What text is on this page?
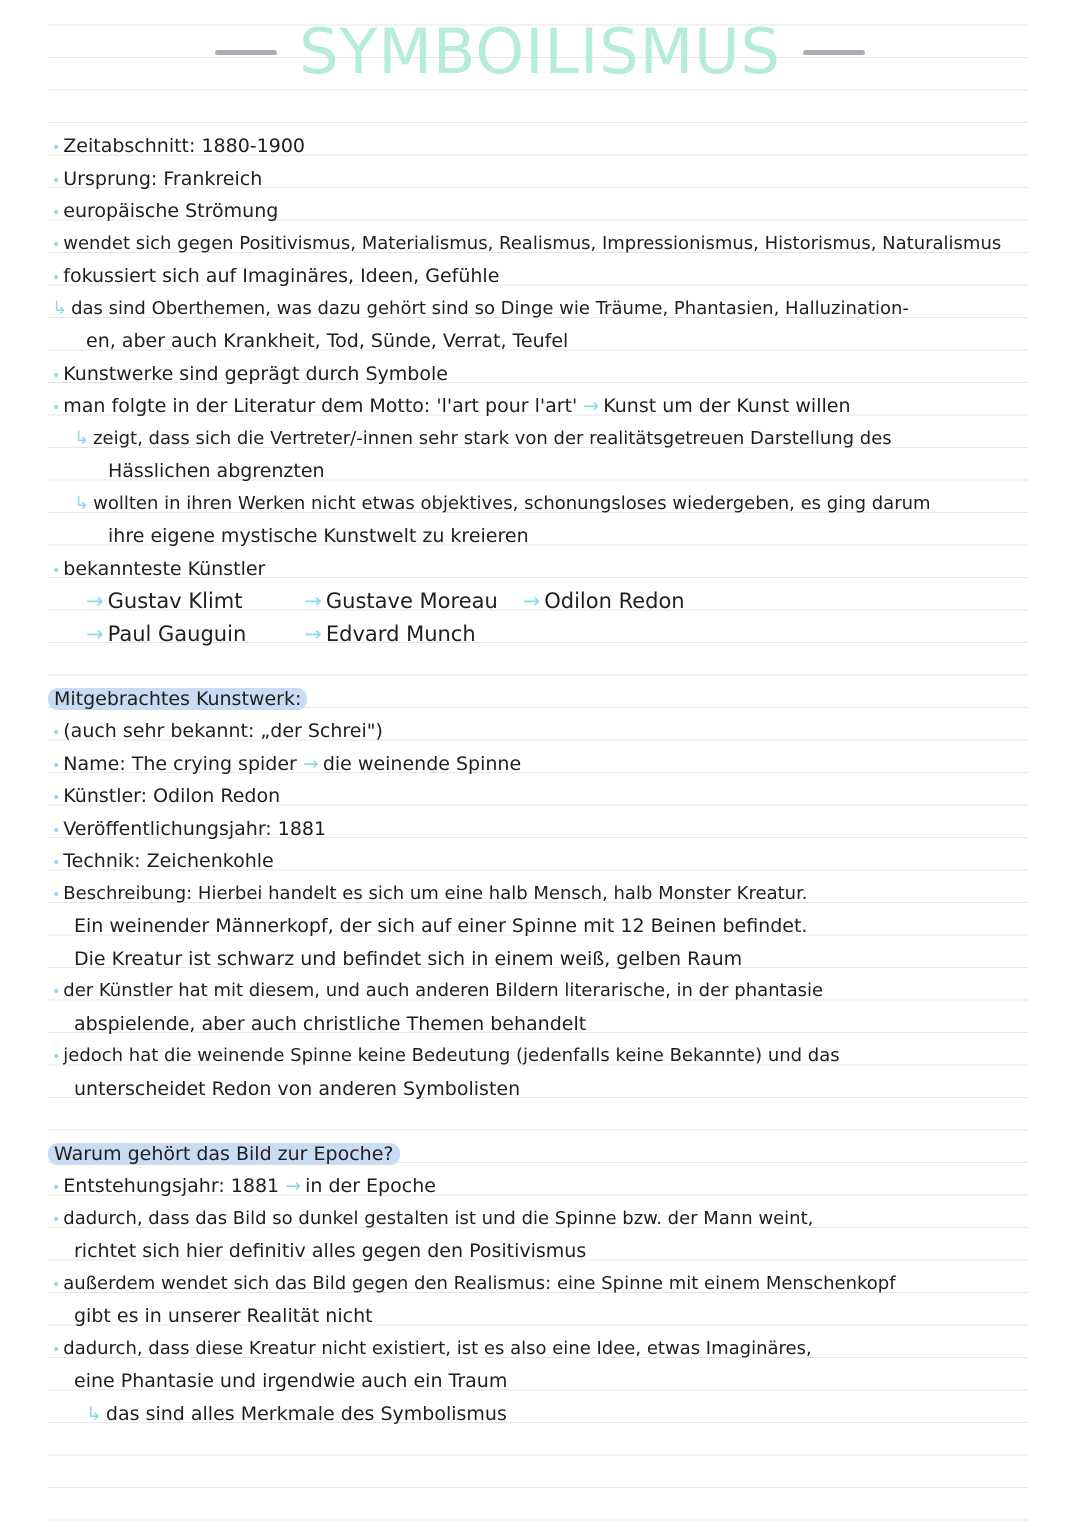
SYMBOILISMUS
• Zeitabschnitt: 1880-1900
• Ursprung: Frankreich
• europäische Strömung
• wendet sich gegen Positivismus, Materialismus, Realismus, Impressionismus, Historismus, Naturalismus
• fokussiert sich auf Imaginäres, Ideen, Gefühle
↳ das sind Oberthemen, was dazu gehört sind so Dinge wie Träume, Phantasien, Halluzination-
en, aber auch Krankheit, Tod, Sünde, Verrat, Teufel
• Kunstwerke sind geprägt durch Symbole
• man folgte in der Literatur dem Motto: 'l'art pour l'art' → Kunst um der Kunst willen
↳ zeigt, dass sich die Vertreter/-innen sehr stark von der realitätsgetreuen Darstellung des
Hässlichen abgrenzten
↳ wollten in ihren Werken nicht etwas objektives, schonungsloses wiedergeben, es ging darum
ihre eigene mystische Kunstwelt zu kreieren
• bekannteste Künstler
→ Gustav Klimt	→ Gustave Moreau → Odilon Redon
→ Paul Gauguin	→ Edvard Munch
Mitgebrachtes Kunstwerk:
• (auch sehr bekannt: „der Schrei")
• Name: The crying spider → die weinende Spinne
• Künstler: Odilon Redon
• Veröffentlichungsjahr: 1881
• Technik: Zeichenkohle
• Beschreibung: Hierbei handelt es sich um eine halb Mensch, halb Monster Kreatur.
Ein weinender Männerkopf, der sich auf einer Spinne mit 12 Beinen befindet.
Die Kreatur ist schwarz und befindet sich in einem weiß, gelben Raum
• der Künstler hat mit diesem, und auch anderen Bildern literarische, in der phantasie
abspielende, aber auch christliche Themen behandelt
• jedoch hat die weinende Spinne keine Bedeutung (jedenfalls keine Bekannte) und das
unterscheidet Redon von anderen Symbolisten
Warum gehört das Bild zur Epoche?
• Entstehungsjahr: 1881 → in der Epoche
• dadurch, dass das Bild so dunkel gestalten ist und die Spinne bzw. der Mann weint,
richtet sich hier definitiv alles gegen den Positivismus
• außerdem wendet sich das Bild gegen den Realismus: eine Spinne mit einem Menschenkopf
gibt es in unserer Realität nicht
• dadurch, dass diese Kreatur nicht existiert, ist es also eine Idee, etwas Imaginäres,
eine Phantasie und irgendwie auch ein Traum
↳ das sind alles Merkmale des Symbolismus
